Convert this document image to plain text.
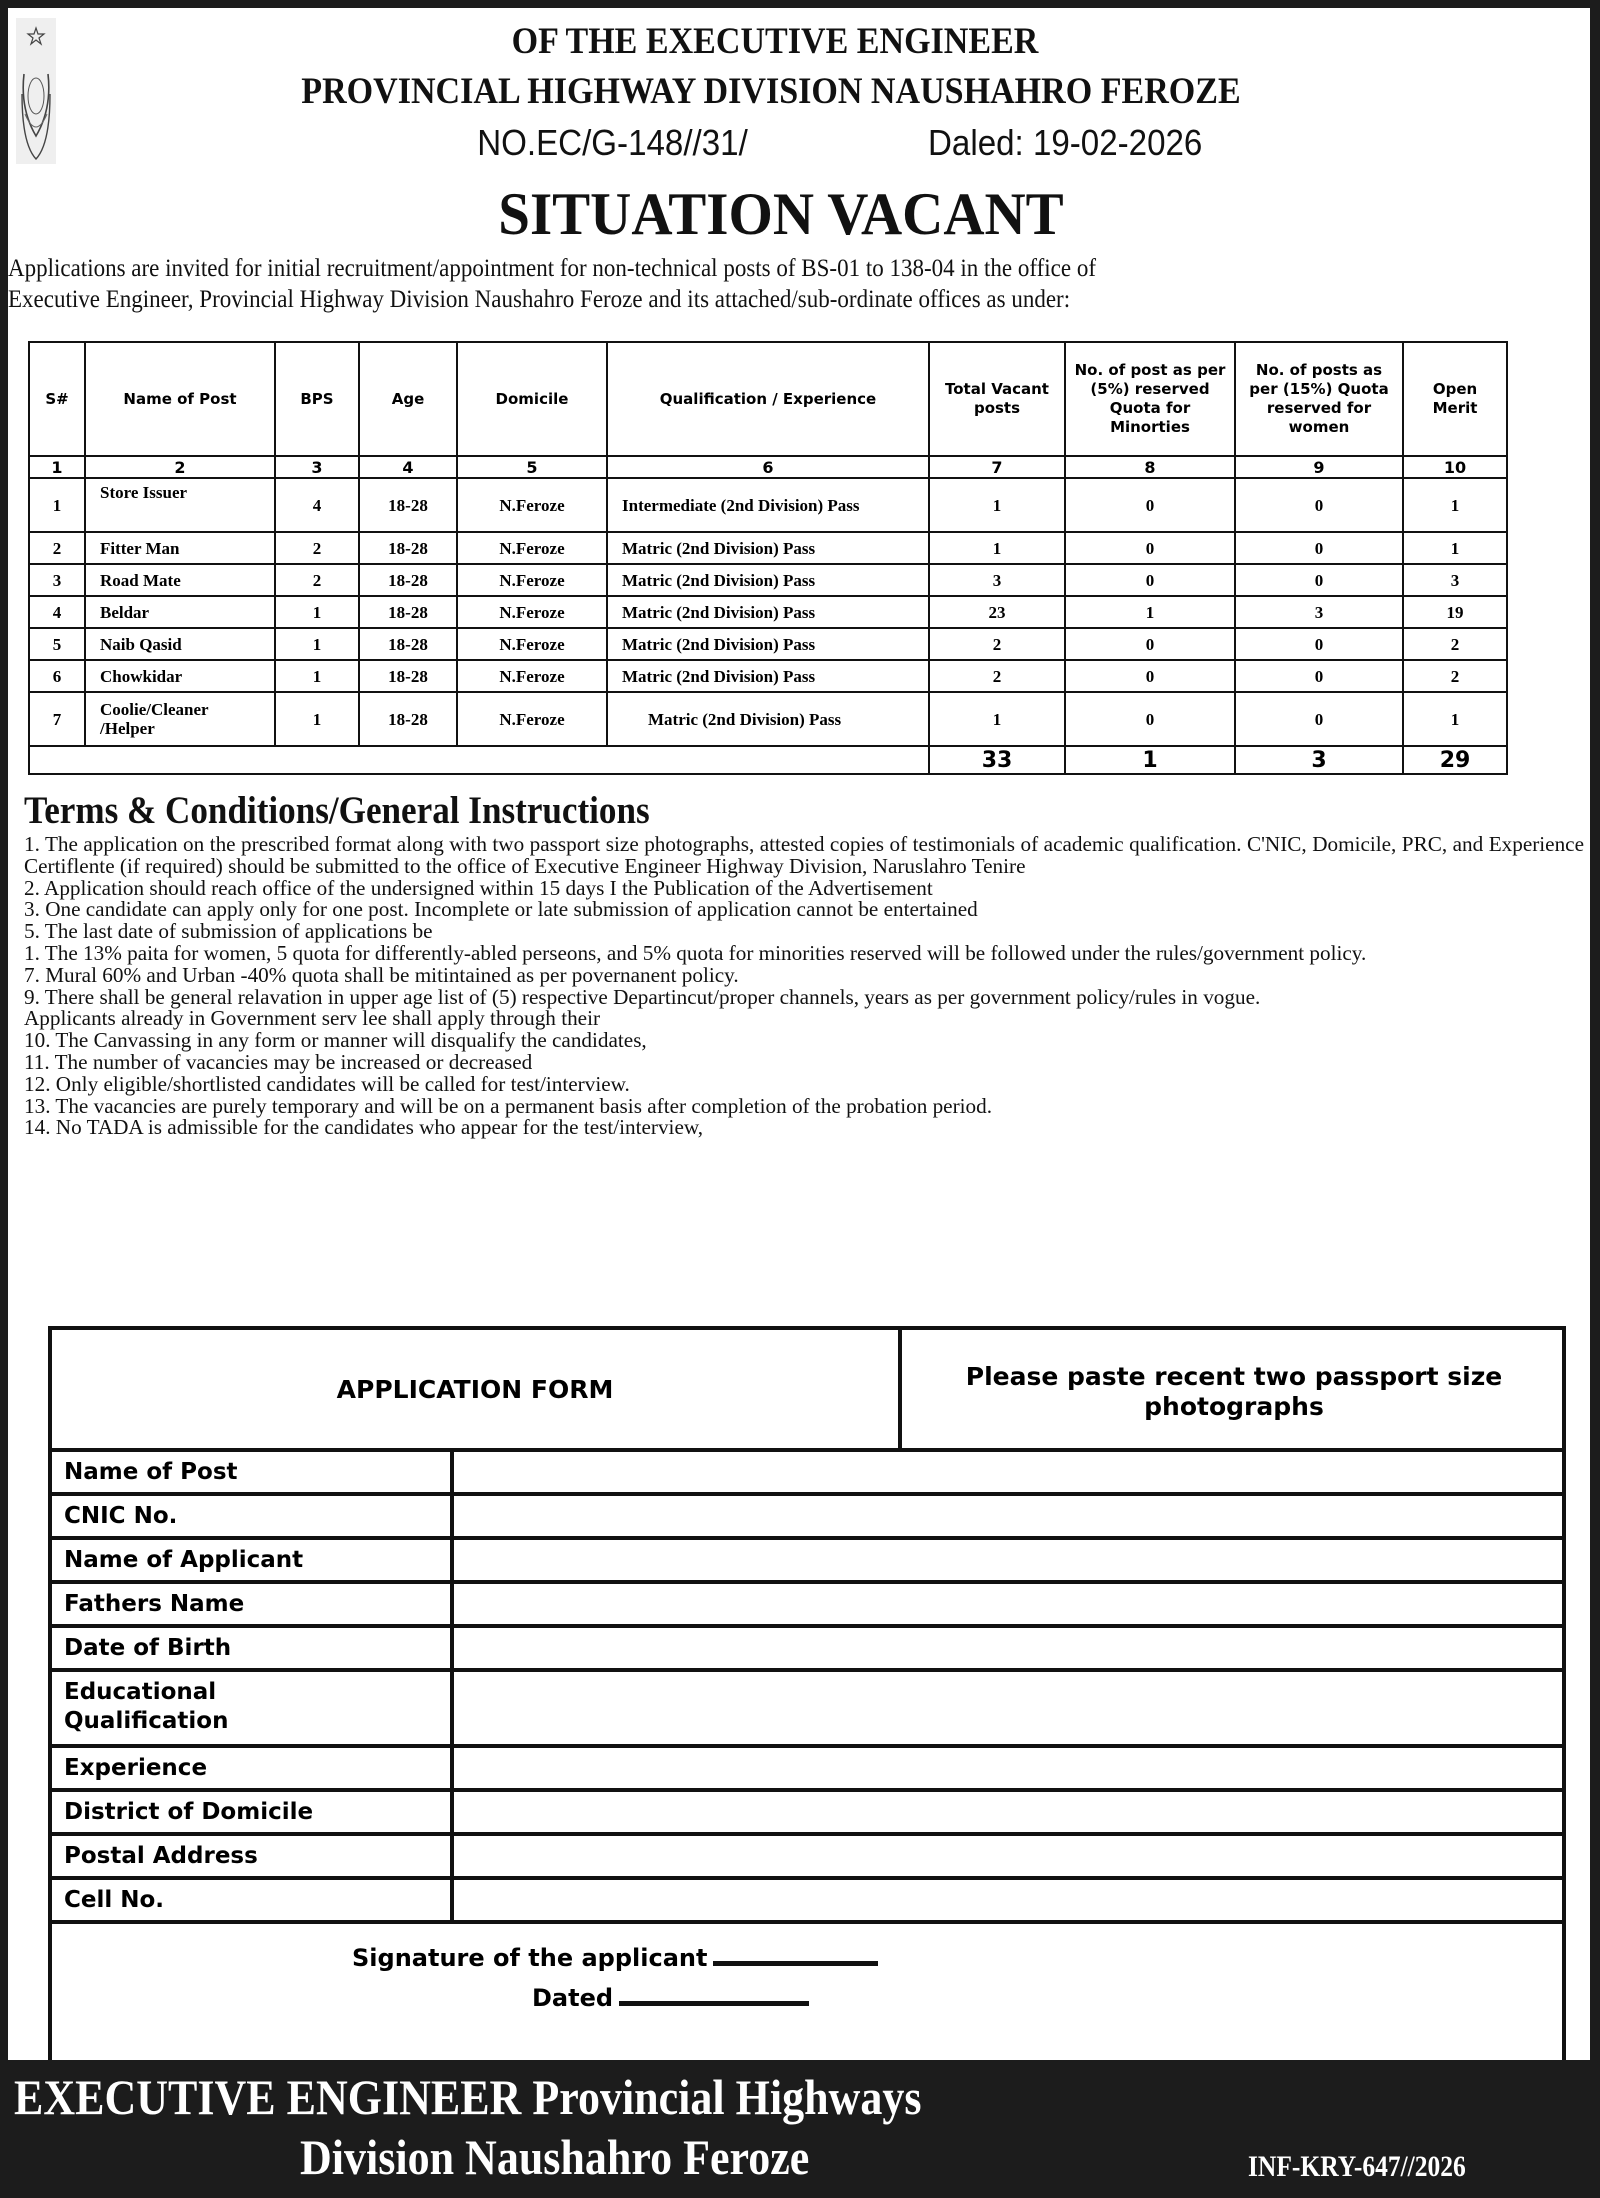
OF THE EXECUTIVE ENGINEER
PROVINCIAL HIGHWAY DIVISION NAUSHAHRO FEROZE
NO.EC/G-148//31/	Daled: 19-02-2026
SITUATION VACANT
Applications are invited for initial recruitment/appointment for non-technical posts of BS-01 to 138-04 in the office of
Executive Engineer, Provincial Highway Division Naushahro Feroze and its attached/sub-ordinate offices as under:
S#	Name of Post	BPS	Age	Domicile	Qualification / Experience	Total Vacant posts	No. of post as per (5%) reserved Quota for Minorties	No. of posts as per (15%) Quota reserved for women	Open Merit
1	2	3	4	5	6	7	8	9	10
1	Store Issuer	4	18-28	N.Feroze	Intermediate (2nd Division) Pass	1	0	0	1
2	Fitter Man	2	18-28	N.Feroze	Matric (2nd Division) Pass	1	0	0	1
3	Road Mate	2	18-28	N.Feroze	Matric (2nd Division) Pass	3	0	0	3
4	Beldar	1	18-28	N.Feroze	Matric (2nd Division) Pass	23	1	3	19
5	Naib Qasid	1	18-28	N.Feroze	Matric (2nd Division) Pass	2	0	0	2
6	Chowkidar	1	18-28	N.Feroze	Matric (2nd Division) Pass	2	0	0	2
7	Coolie/Cleaner /Helper	1	18-28	N.Feroze	Matric (2nd Division) Pass	1	0	0	1
						33	1	3	29
Terms & Conditions/General Instructions

1. The application on the prescribed format along with two passport size photographs, attested copies of testimonials of academic qualification. C'NIC, Domicile, PRC, and Experience Certiflente (if required) should be submitted to the office of Executive Engineer Highway Division, Naruslahro Tenire

2. Application should reach office of the undersigned within 15 days I the Publication of the Advertisement

3. One candidate can apply only for one post. Incomplete or late submission of application cannot be entertained

5. The last date of submission of applications be

1. The 13% paita for women, 5 quota for differently-abled perseons, and 5% quota for minorities reserved will be followed under the rules/government policy.

7. Mural 60% and Urban -40% quota shall be mitintained as per povernanent policy.

9. There shall be general relavation in upper age list of (5) respective Departincut/proper channels, years as per government policy/rules in vogue.

Applicants already in Government serv lee shall apply through their

10. The Canvassing in any form or manner will disqualify the candidates,

11. The number of vacancies may be increased or decreased

12. Only eligible/shortlisted candidates will be called for test/interview.

13. The vacancies are purely temporary and will be on a permanent basis after completion of the probation period.

14. No TADA is admissible for the candidates who appear for the test/interview,

APPLICATION FORM	Please paste recent two passport size photographs
Name of Post
CNIC No.
Name of Applicant
Fathers Name
Date of Birth
Educational Qualification
Experience
District of Domicile
Postal Address
Cell No.
Signature of the applicant
Dated
EXECUTIVE ENGINEER Provincial Highways
Division Naushahro Feroze	INF-KRY-647//2026
